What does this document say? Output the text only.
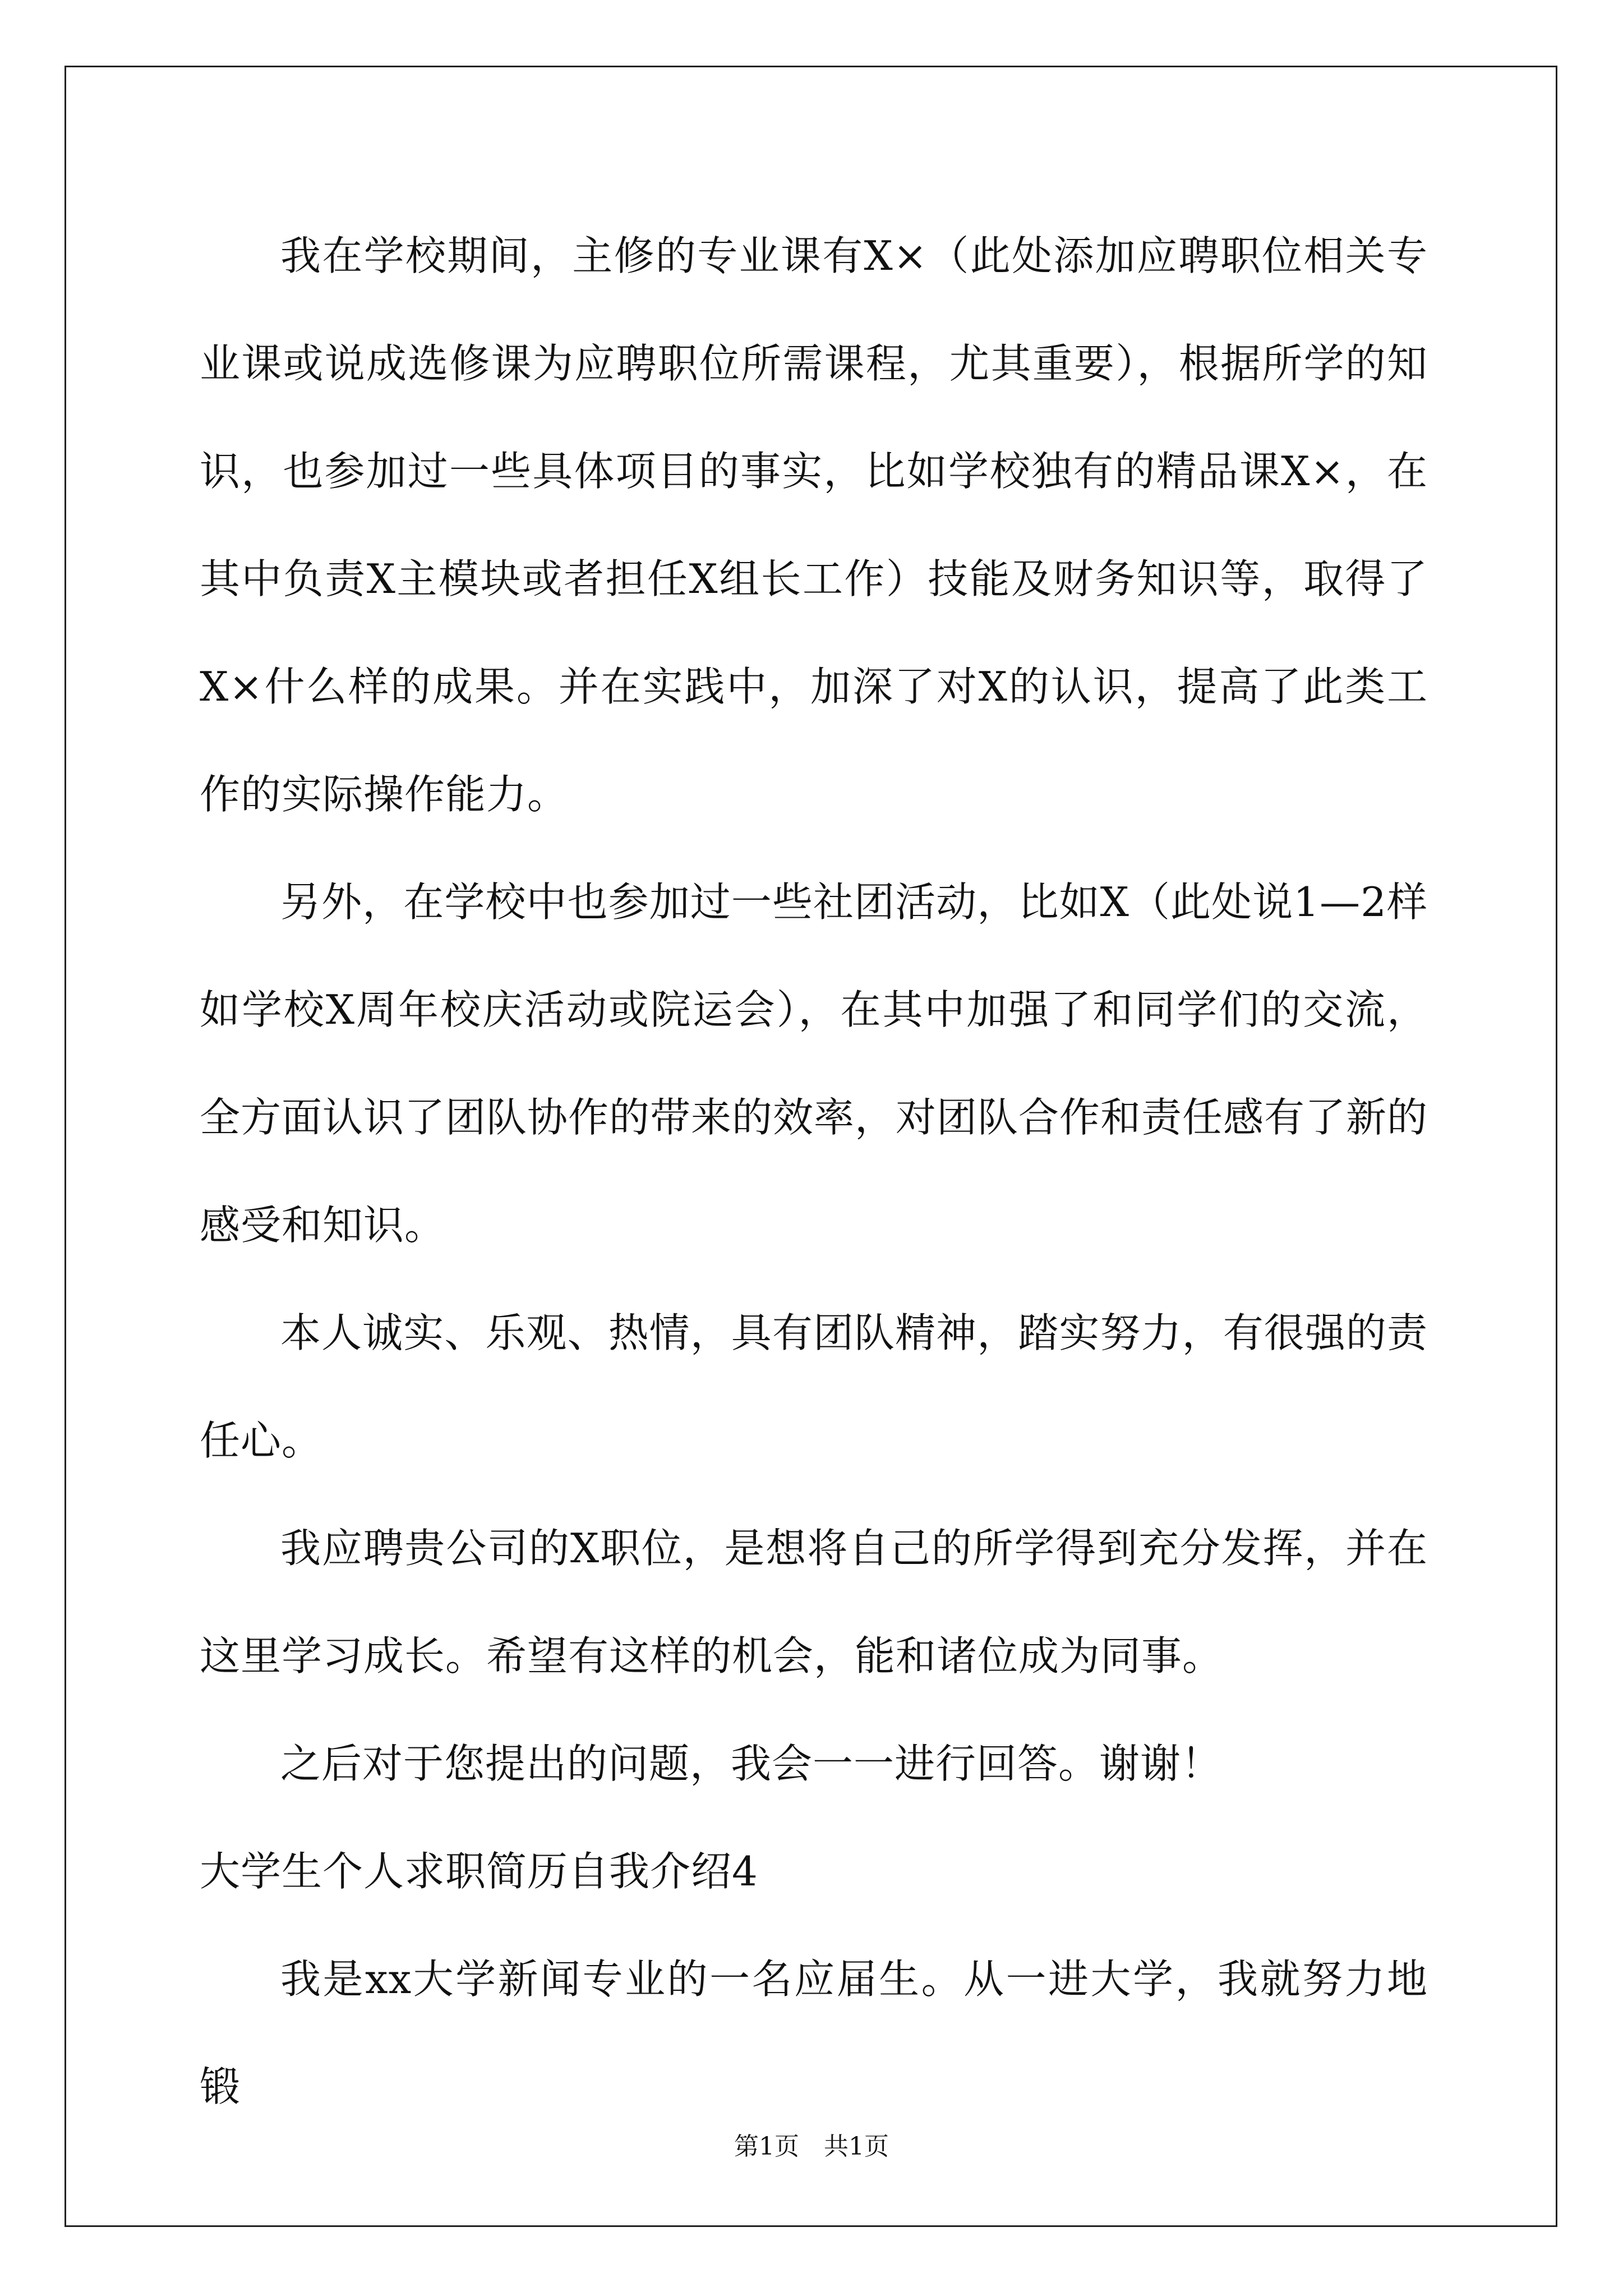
我在学校期间，主修的专业课有X×（此处添加应聘职位相关专业课或说成选修课为应聘职位所需课程，尤其重要），根据所学的知识，也参加过一些具体项目的事实，比如学校独有的精品课X×，在其中负责X主模块或者担任X组长工作）技能及财务知识等，取得了X×什么样的成果。并在实践中，加深了对X的认识，提高了此类工作的实际操作能力。

另外，在学校中也参加过一些社团活动，比如X（此处说1—2样如学校X周年校庆活动或院运会），在其中加强了和同学们的交流，全方面认识了团队协作的带来的效率，对团队合作和责任感有了新的感受和知识。

本人诚实、乐观、热情，具有团队精神，踏实努力，有很强的责任心。

我应聘贵公司的X职位，是想将自己的所学得到充分发挥，并在这里学习成长。希望有这样的机会，能和诸位成为同事。

之后对于您提出的问题，我会一一进行回答。谢谢！

大学生个人求职简历自我介绍4

我是xx大学新闻专业的一名应届生。从一进大学，我就努力地锻

第1页　共1页
